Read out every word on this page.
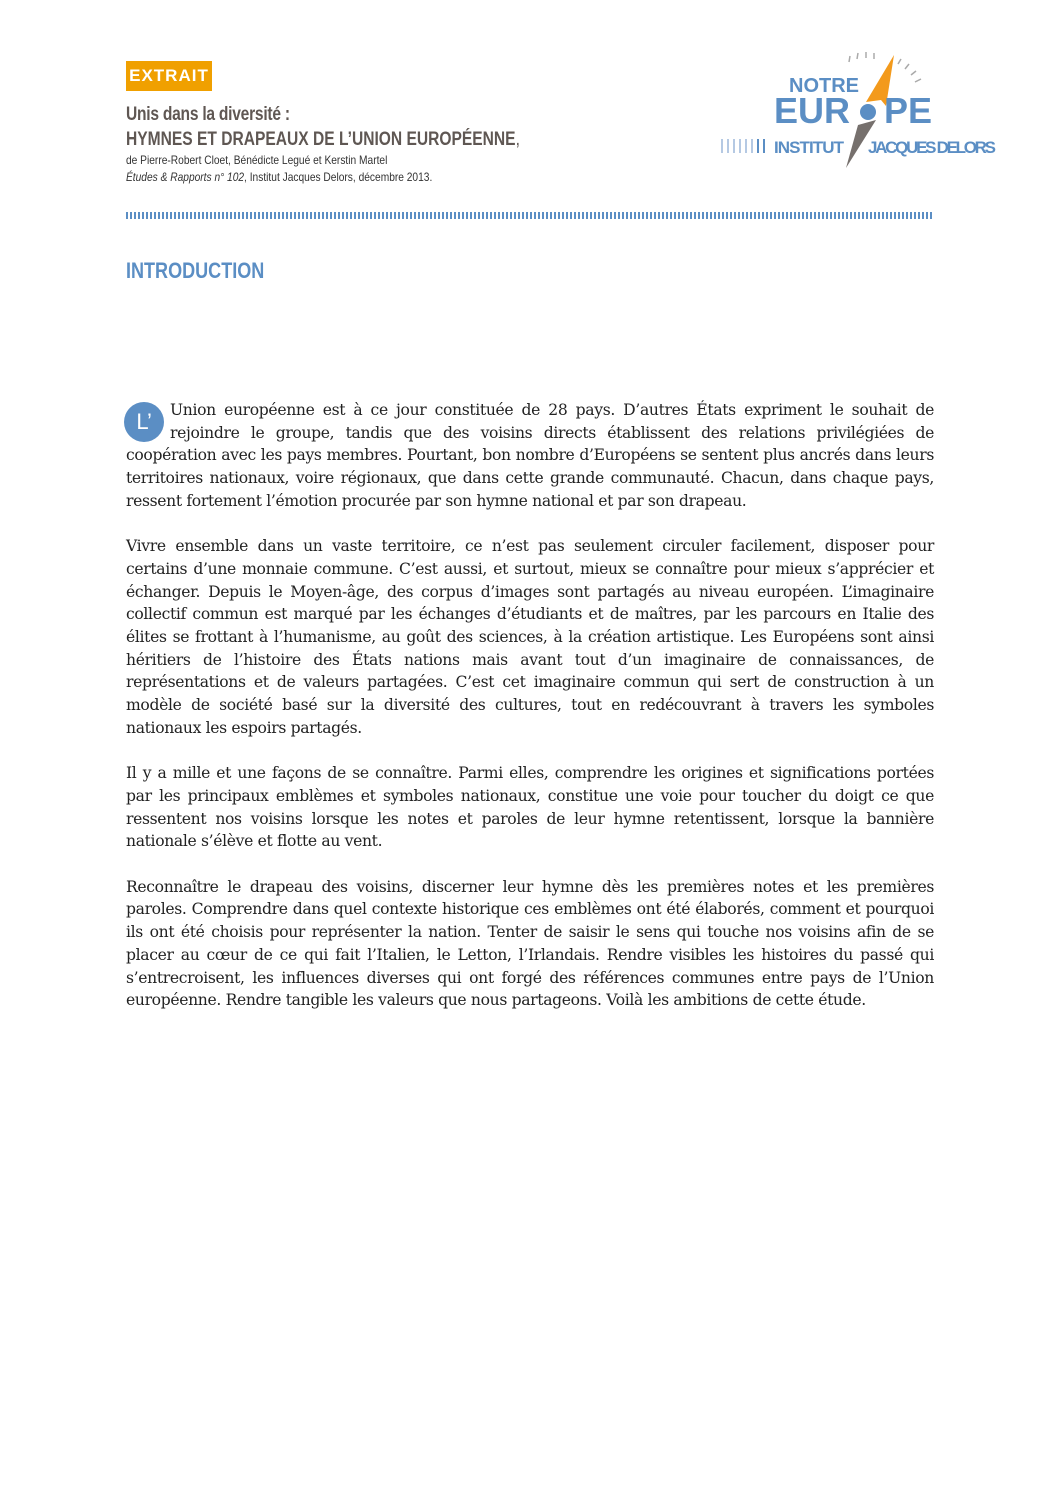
EXTRAIT
Unis dans la diversité :
HYMNES ET DRAPEAUX DE L’UNION EUROPÉENNE,
de Pierre-Robert Cloet, Bénédicte Legué et Kerstin Martel
Études & Rapports n° 102, Institut Jacques Delors, décembre 2013.
NOTRE
EUR PE
INSTITUT JACQUES DELORS
INTRODUCTION

L’	Union européenne est à ce jour constituée de 28 pays. D’autres États expriment le souhait de rejoindre le groupe, tandis que des voisins directs établissent des relations privilégiées de coopération avec les pays membres. Pourtant, bon nombre d’Européens se sentent plus ancrés dans leurs territoires nationaux, voire régionaux, que dans cette grande communauté. Chacun, dans chaque pays, ressent fortement l’émotion procurée par son hymne national et par son drapeau.

Vivre ensemble dans un vaste territoire, ce n’est pas seulement circuler facilement, disposer pour certains d’une monnaie commune. C’est aussi, et surtout, mieux se connaître pour mieux s’apprécier et échanger. Depuis le Moyen-âge, des corpus d’images sont partagés au niveau européen. L’imaginaire collectif commun est marqué par les échanges d’étudiants et de maîtres, par les parcours en Italie des élites se frottant à l’humanisme, au goût des sciences, à la création artistique. Les Européens sont ainsi héritiers de l’histoire des États nations mais avant tout d’un imaginaire de connaissances, de représentations et de valeurs partagées. C’est cet imaginaire commun qui sert de construction à un modèle de société basé sur la diversité des cultures, tout en redécouvrant à travers les symboles nationaux les espoirs partagés.

Il y a mille et une façons de se connaître. Parmi elles, comprendre les origines et significations portées par les principaux emblèmes et symboles nationaux, constitue une voie pour toucher du doigt ce que ressentent nos voisins lorsque les notes et paroles de leur hymne retentissent, lorsque la bannière nationale s’élève et flotte au vent.

Reconnaître le drapeau des voisins, discerner leur hymne dès les premières notes et les premières paroles. Comprendre dans quel contexte historique ces emblèmes ont été élaborés, comment et pourquoi ils ont été choisis pour représenter la nation. Tenter de saisir le sens qui touche nos voisins afin de se placer au cœur de ce qui fait l’Italien, le Letton, l’Irlandais. Rendre visibles les histoires du passé qui s’entrecroisent, les influences diverses qui ont forgé des références communes entre pays de l’Union européenne. Rendre tangible les valeurs que nous partageons. Voilà les ambitions de cette étude.
